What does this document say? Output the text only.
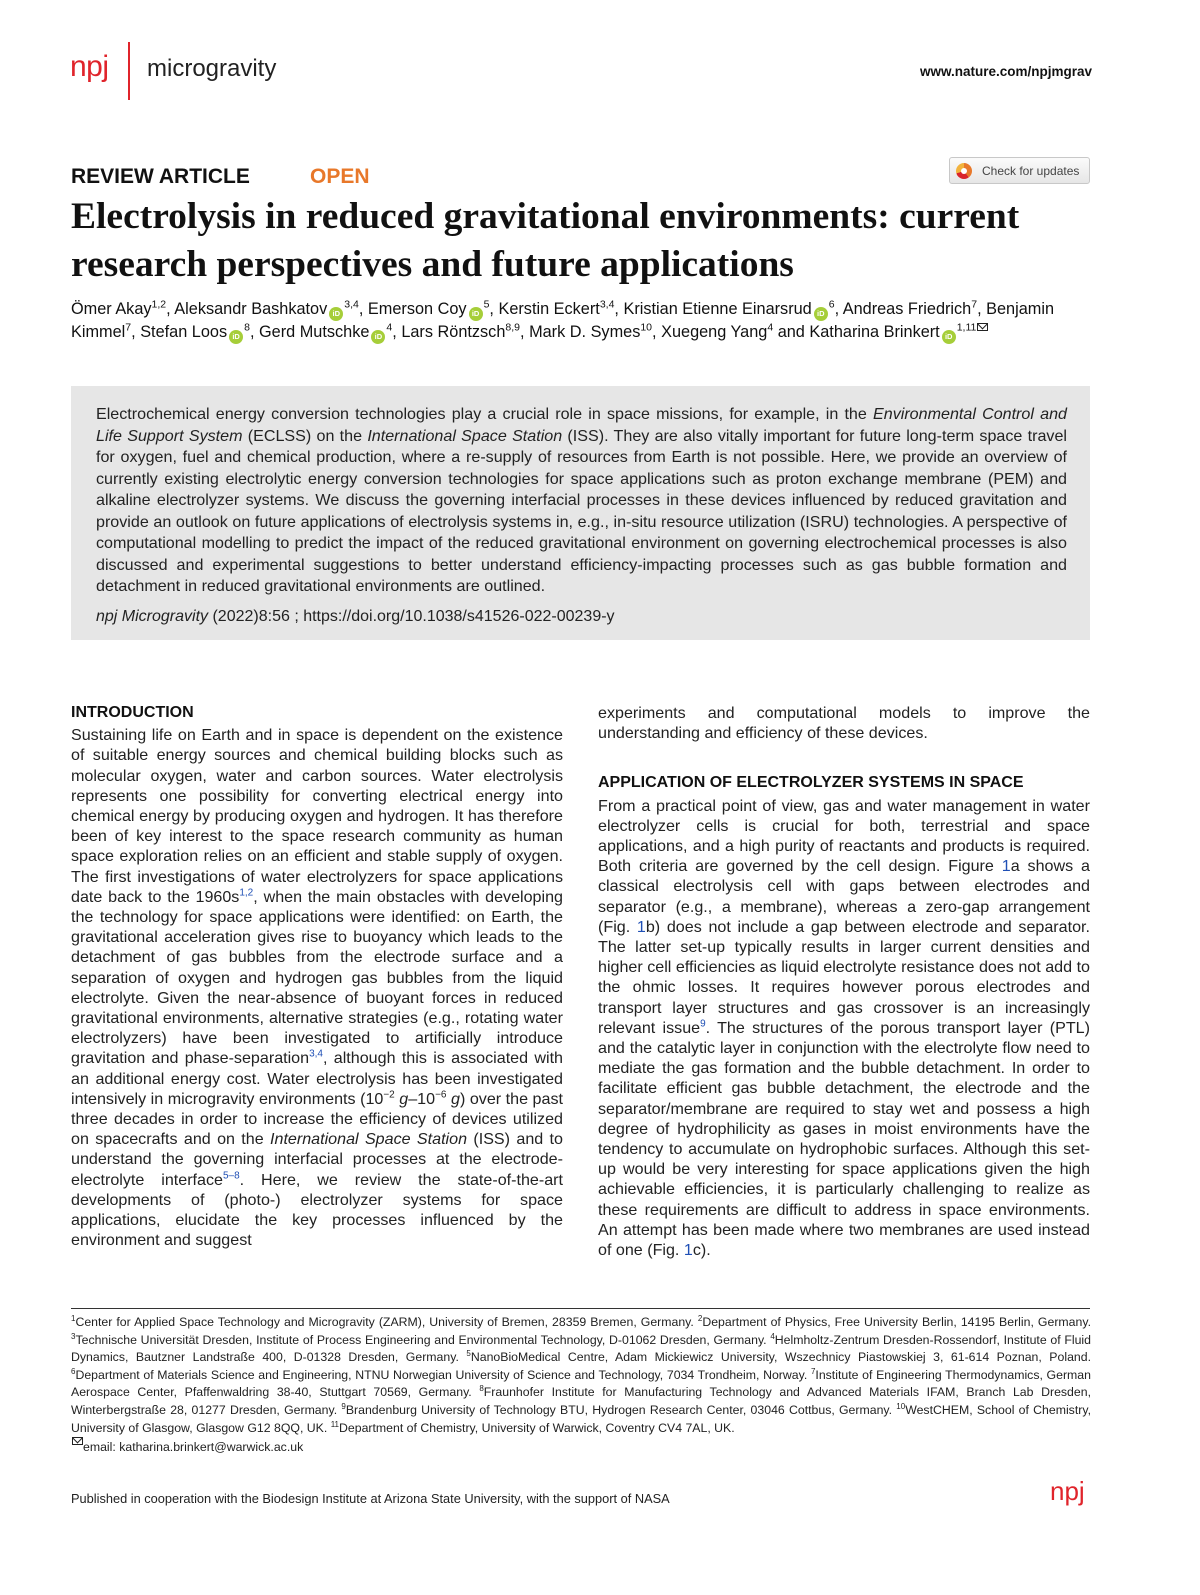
npj microgravity	www.nature.com/npjmgrav
REVIEW ARTICLE	OPEN	Check for updates
Electrolysis in reduced gravitational environments: current research perspectives and future applications
Ömer Akay$^{1,2}$, Aleksandr Bashkatov iD$^{3,4}$, Emerson Coy $iD^5$, Kerstin Eckert$^{3,4}$, Kristian Etienne Einarsrud $iD^6$, Andreas Friedrich$^7$, Benjamin Kimmel$^7$, Stefan Loos $iD^8$, Gerd Mutschke $iD^4$, Lars Röntzsch$^{8,9}$, Mark D. Symes$^{10}$, Xuegeng Yang$^4$ and Katharina Brinkert iD$^{1,11}$

Electrochemical energy conversion technologies play a crucial role in space missions, for example, in the Environmental Control and Life Support System (ECLSS) on the International Space Station (ISS). They are also vitally important for future long-term space travel for oxygen, fuel and chemical production, where a re-supply of resources from Earth is not possible. Here, we provide an overview of currently existing electrolytic energy conversion technologies for space applications such as proton exchange membrane (PEM) and alkaline electrolyzer systems. We discuss the governing interfacial processes in these devices influenced by reduced gravitation and provide an outlook on future applications of electrolysis systems in, e.g., in-situ resource utilization (ISRU) technologies. A perspective of computational modelling to predict the impact of the reduced gravitational environment on governing electrochemical processes is also discussed and experimental suggestions to better understand efficiency-impacting processes such as gas bubble formation and detachment in reduced gravitational environments are outlined.

npj Microgravity (2022)8:56 ; https://doi.org/10.1038/s41526-022-00239-y

INTRODUCTION

Sustaining life on Earth and in space is dependent on the existence of suitable energy sources and chemical building blocks such as molecular oxygen, water and carbon sources. Water electrolysis represents one possibility for converting electrical energy into chemical energy by producing oxygen and hydrogen. It has therefore been of key interest to the space research community as human space exploration relies on an efficient and stable supply of oxygen. The first investigations of water electrolyzers for space applications date back to the $1960s^{1,2}$, when the main obstacles with developing the technology for space applications were identified: on Earth, the gravitational acceleration gives rise to buoyancy which leads to the detachment of gas bubbles from the electrode surface and a separation of oxygen and hydrogen gas bubbles from the liquid electrolyte. Given the near-absence of buoyant forces in reduced gravitational environments, alternative strategies (e.g., rotating water electrolyzers) have been investigated to artificially introduce gravitation and phase-separation$^{3,4}$, although this is associated with an additional energy cost. Water electrolysis has been investigated intensively in microgravity environments ($10^{-2}$ $g-10^{-6}$ g) over the past three decades in order to increase the efficiency of devices utilized on spacecrafts and on the International Space Station (ISS) and to understand the governing interfacial processes at the electrode-electrolyte interface$^{5-8}$. Here, we review the state-of-the-art developments of (photo-) electrolyzer systems for space applications, elucidate the key processes influenced by the environment and suggest

experiments and computational models to improve the understanding and efficiency of these devices.

APPLICATION OF ELECTROLYZER SYSTEMS IN SPACE

From a practical point of view, gas and water management in water electrolyzer cells is crucial for both, terrestrial and space applications, and a high purity of reactants and products is required. Both criteria are governed by the cell design. Figure 1a shows a classical electrolysis cell with gaps between electrodes and separator (e.g., a membrane), whereas a zero-gap arrangement (Fig. 1b) does not include a gap between electrode and separator. The latter set-up typically results in larger current densities and higher cell efficiencies as liquid electrolyte resistance does not add to the ohmic losses. It requires however porous electrodes and transport layer structures and gas crossover is an increasingly relevant issue$^9$. The structures of the porous transport layer (PTL) and the catalytic layer in conjunction with the electrolyte flow need to mediate the gas formation and the bubble detachment. In order to facilitate efficient gas bubble detachment, the electrode and the separator/membrane are required to stay wet and possess a high degree of hydrophilicity as gases in moist environments have the tendency to accumulate on hydrophobic surfaces. Although this set-up would be very interesting for space applications given the high achievable efficiencies, it is particularly challenging to realize as these requirements are difficult to address in space environments. An attempt has been made where two membranes are used instead of one (Fig. 1c).

$^1$Center for Applied Space Technology and Microgravity (ZARM), University of Bremen, 28359 Bremen, Germany. $^2$Department of Physics, Free University Berlin, 14195 Berlin, Germany. $^3$Technische Universität Dresden, Institute of Process Engineering and Environmental Technology, D-01062 Dresden, Germany. $^4$Helmholtz-Zentrum Dresden-Rossendorf, Institute of Fluid Dynamics, Bautzner Landstraße 400, D-01328 Dresden, Germany. $^5$NanoBioMedical Centre, Adam Mickiewicz University, Wszechnicy Piastowskiej 3, 61-614 Poznan, Poland. $^6$Department of Materials Science and Engineering, NTNU Norwegian University of Science and Technology, 7034 Trondheim, Norway. $^7$Institute of Engineering Thermodynamics, German Aerospace Center, Pfaffenwaldring 38-40, Stuttgart 70569, Germany. $^8$Fraunhofer Institute for Manufacturing Technology and Advanced Materials IFAM, Branch Lab Dresden, Winterbergstraße 28, 01277 Dresden, Germany. $^9$Brandenburg University of Technology BTU, Hydrogen Research Center, 03046 Cottbus, Germany. $^{10}$WestCHEM, School of Chemistry, University of Glasgow, Glasgow G12 8QQ, UK. $^{11}$Department of Chemistry, University of Warwick, Coventry CV4 7AL, UK.
email: katharina.brinkert@warwick.ac.uk
Published in cooperation with the Biodesign Institute at Arizona State University, with the support of NASA	npj
